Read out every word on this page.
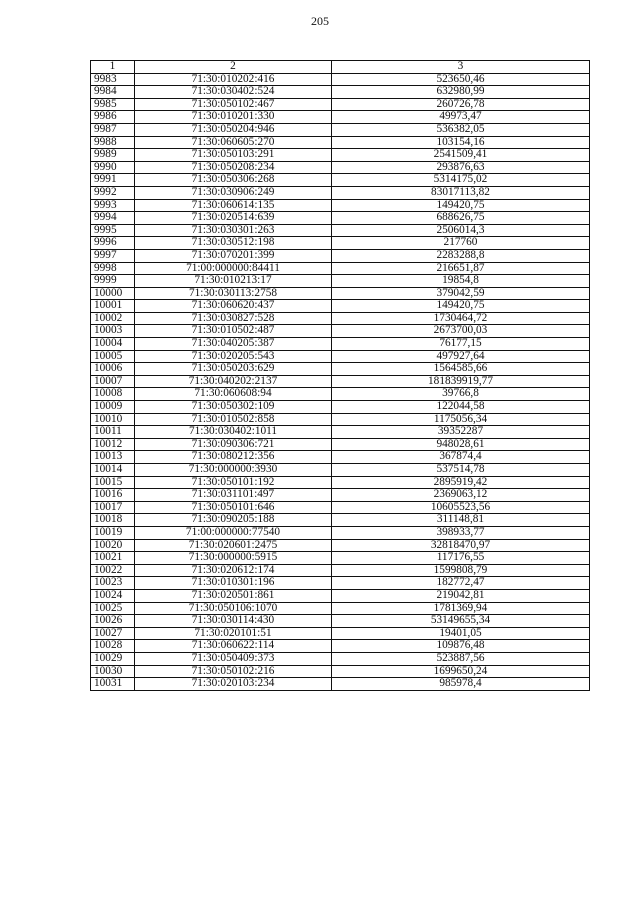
205
1	2	3
9983	71:30:010202:416	523650,46
9984	71:30:030402:524	632980,99
9985	71:30:050102:467	260726,78
9986	71:30:010201:330	49973,47
9987	71:30:050204:946	536382,05
9988	71:30:060605:270	103154,16
9989	71:30:050103:291	2541509,41
9990	71:30:050208:234	293876,63
9991	71:30:050306:268	5314175,02
9992	71:30:030906:249	83017113,82
9993	71:30:060614:135	149420,75
9994	71:30:020514:639	688626,75
9995	71:30:030301:263	2506014,3
9996	71:30:030512:198	217760
9997	71:30:070201:399	2283288,8
9998	71:00:000000:84411	216651,87
9999	71:30:010213:17	19854,8
10000	71:30:030113:2758	379042,59
10001	71:30:060620:437	149420,75
10002	71:30:030827:528	1730464,72
10003	71:30:010502:487	2673700,03
10004	71:30:040205:387	76177,15
10005	71:30:020205:543	497927,64
10006	71:30:050203:629	1564585,66
10007	71:30:040202:2137	181839919,77
10008	71:30:060608:94	39766,8
10009	71:30:050302:109	122044,58
10010	71:30:010502:858	1175056,34
10011	71:30:030402:1011	39352287
10012	71:30:090306:721	948028,61
10013	71:30:080212:356	367874,4
10014	71:30:000000:3930	537514,78
10015	71:30:050101:192	2895919,42
10016	71:30:031101:497	2369063,12
10017	71:30:050101:646	10605523,56
10018	71:30:090205:188	311148,81
10019	71:00:000000:77540	398933,77
10020	71:30:020601:2475	32818470,97
10021	71:30:000000:5915	117176,55
10022	71:30:020612:174	1599808,79
10023	71:30:010301:196	182772,47
10024	71:30:020501:861	219042,81
10025	71:30:050106:1070	1781369,94
10026	71:30:030114:430	53149655,34
10027	71:30:020101:51	19401,05
10028	71:30:060622:114	109876,48
10029	71:30:050409:373	523887,56
10030	71:30:050102:216	1699650,24
10031	71:30:020103:234	985978,4
